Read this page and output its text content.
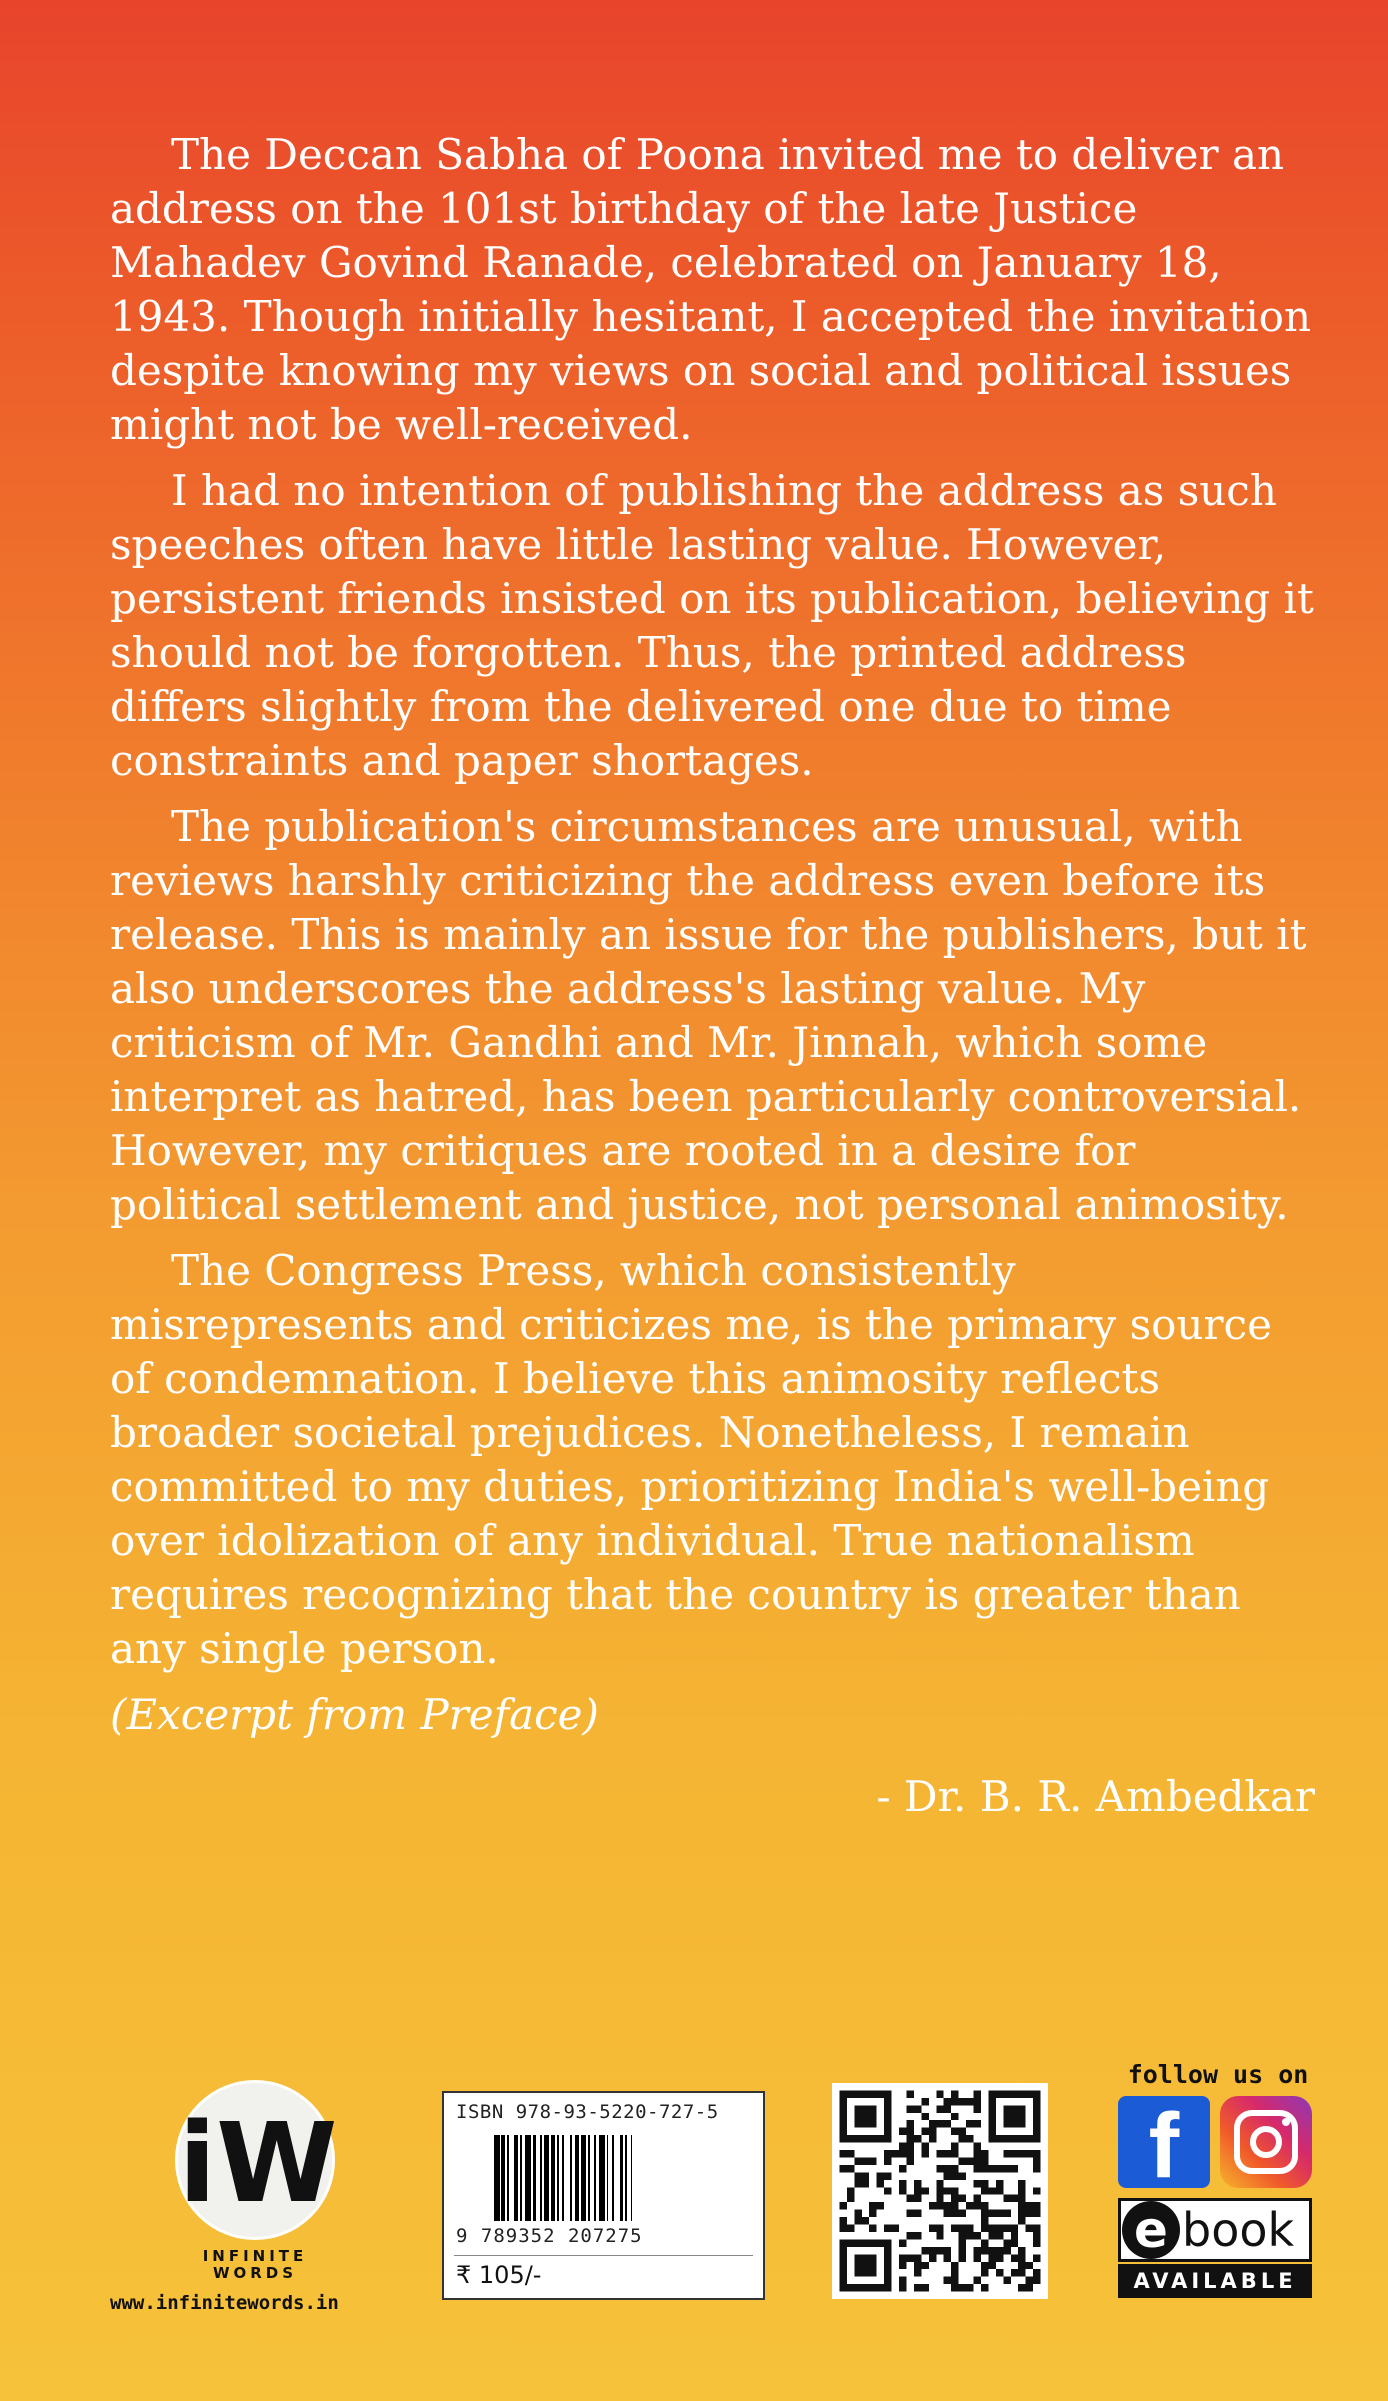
The Deccan Sabha of Poona invited me to deliver an address on the 101st birthday of the late Justice Mahadev Govind Ranade, celebrated on January 18, 1943. Though initially hesitant, I accepted the invitation despite knowing my views on social and political issues might not be well-received.

I had no intention of publishing the address as such speeches often have little lasting value. However, persistent friends insisted on its publication, believing it should not be forgotten. Thus, the printed address differs slightly from the delivered one due to time constraints and paper shortages.

The publication's circumstances are unusual, with reviews harshly criticizing the address even before its release. This is mainly an issue for the publishers, but it also underscores the address's lasting value. My criticism of Mr. Gandhi and Mr. Jinnah, which some interpret as hatred, has been particularly controversial. However, my critiques are rooted in a desire for political settlement and justice, not personal animosity.

The Congress Press, which consistently misrepresents and criticizes me, is the primary source of condemnation. I believe this animosity reflects broader societal prejudices. Nonetheless, I remain committed to my duties, prioritizing India's well-being over idolization of any individual. True nationalism requires recognizing that the country is greater than any single person.

(Excerpt from Preface)

- Dr. B. R. Ambedkar

iW
INFINITE
WORDS
www.infinitewords.in
ISBN 978-93-5220-727-5
9 789352 207275
₹ 105/-
follow us on
f
e book
AVAILABLE
